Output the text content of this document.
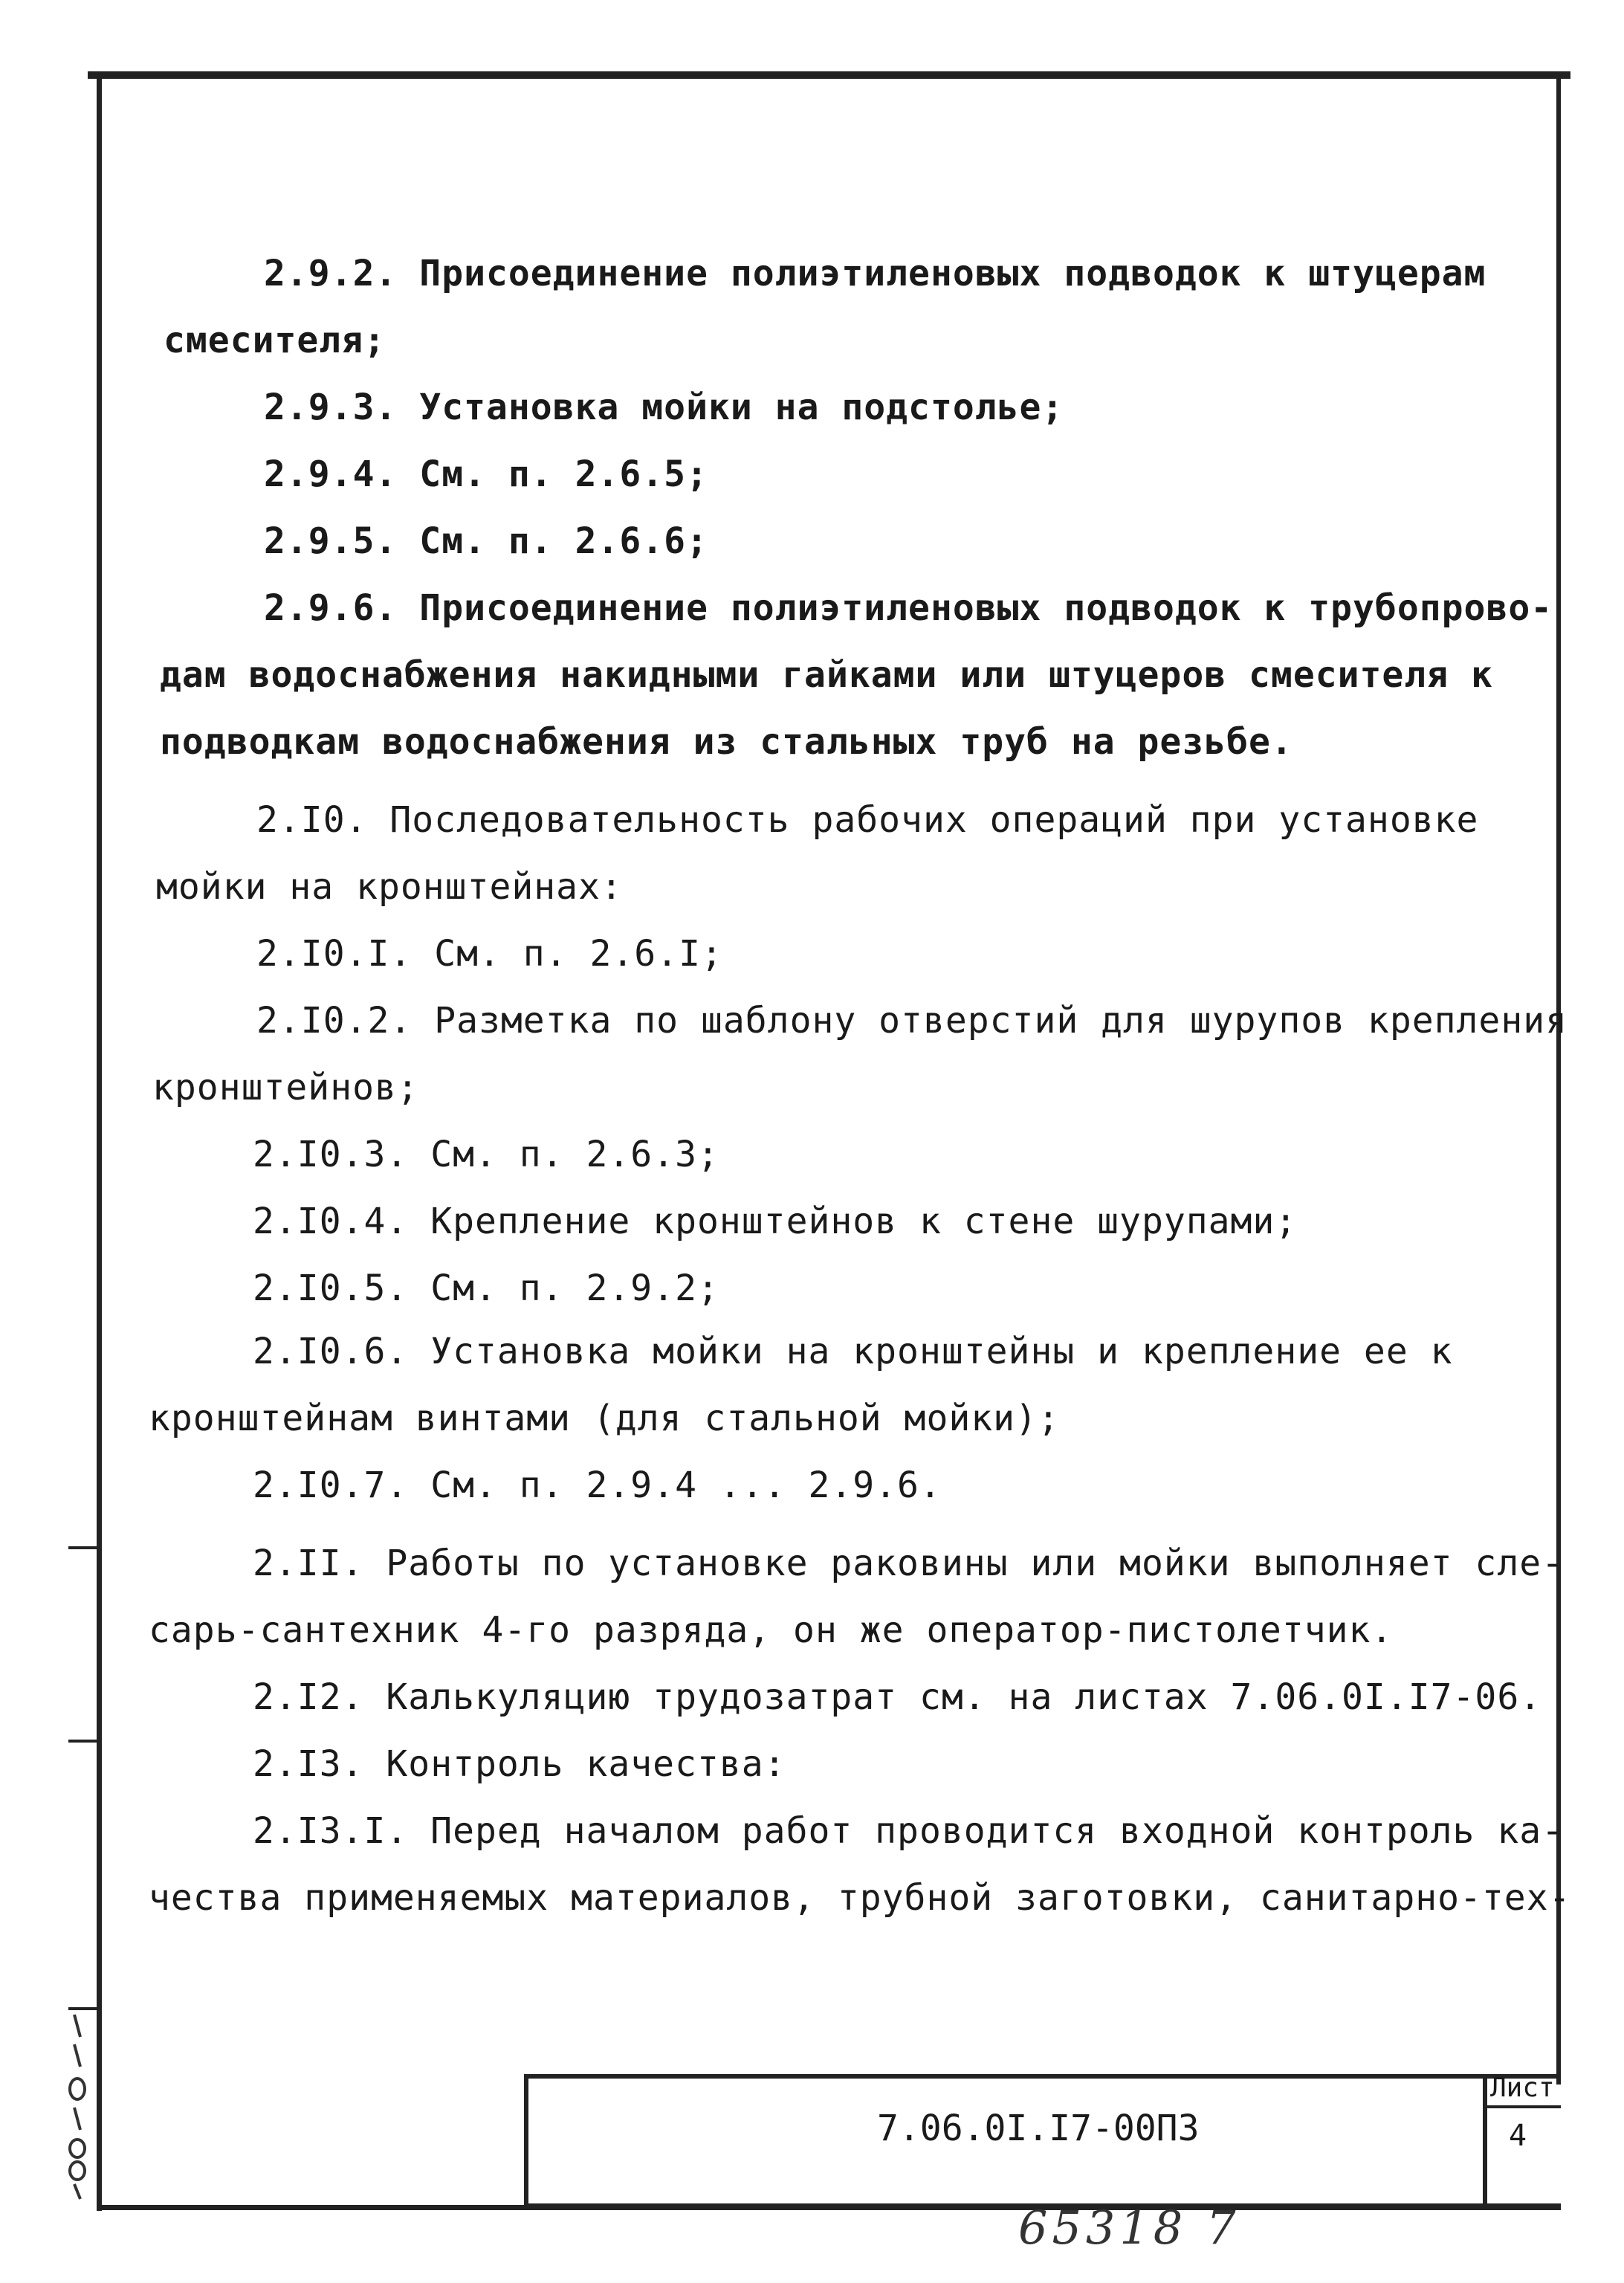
2.9.2. Присоединение полиэтиленовых подводок к штуцерам
смесителя;
2.9.3. Установка мойки на подстолье;
2.9.4. См. п. 2.6.5;
2.9.5. См. п. 2.6.6;
2.9.6. Присоединение полиэтиленовых подводок к трубопрово-
дам водоснабжения накидными гайками или штуцеров смесителя к
подводкам водоснабжения из стальных труб на резьбе.
2.I0. Последовательность рабочих операций при установке
мойки на кронштейнах:
2.I0.I. См. п. 2.6.I;
2.I0.2. Разметка по шаблону отверстий для шурупов крепления
кронштейнов;
2.I0.3. См. п. 2.6.3;
2.I0.4. Крепление кронштейнов к стене шурупами;
2.I0.5. См. п. 2.9.2;
2.I0.6. Установка мойки на кронштейны и крепление ее к
кронштейнам винтами (для стальной мойки);
2.I0.7. См. п. 2.9.4 ... 2.9.6.
2.II. Работы по установке раковины или мойки выполняет сле-
сарь-сантехник 4-го разряда, он же оператор-пистолетчик.
2.I2. Калькуляцию трудозатрат см. на листах 7.06.0I.I7-06.
2.I3. Контроль качества:
2.I3.I. Перед началом работ проводится входной контроль ка-
чества применяемых материалов, трубной заготовки, санитарно-тех-
7.06.0I.I7-00ПЗ
Лист
4
65318 7
